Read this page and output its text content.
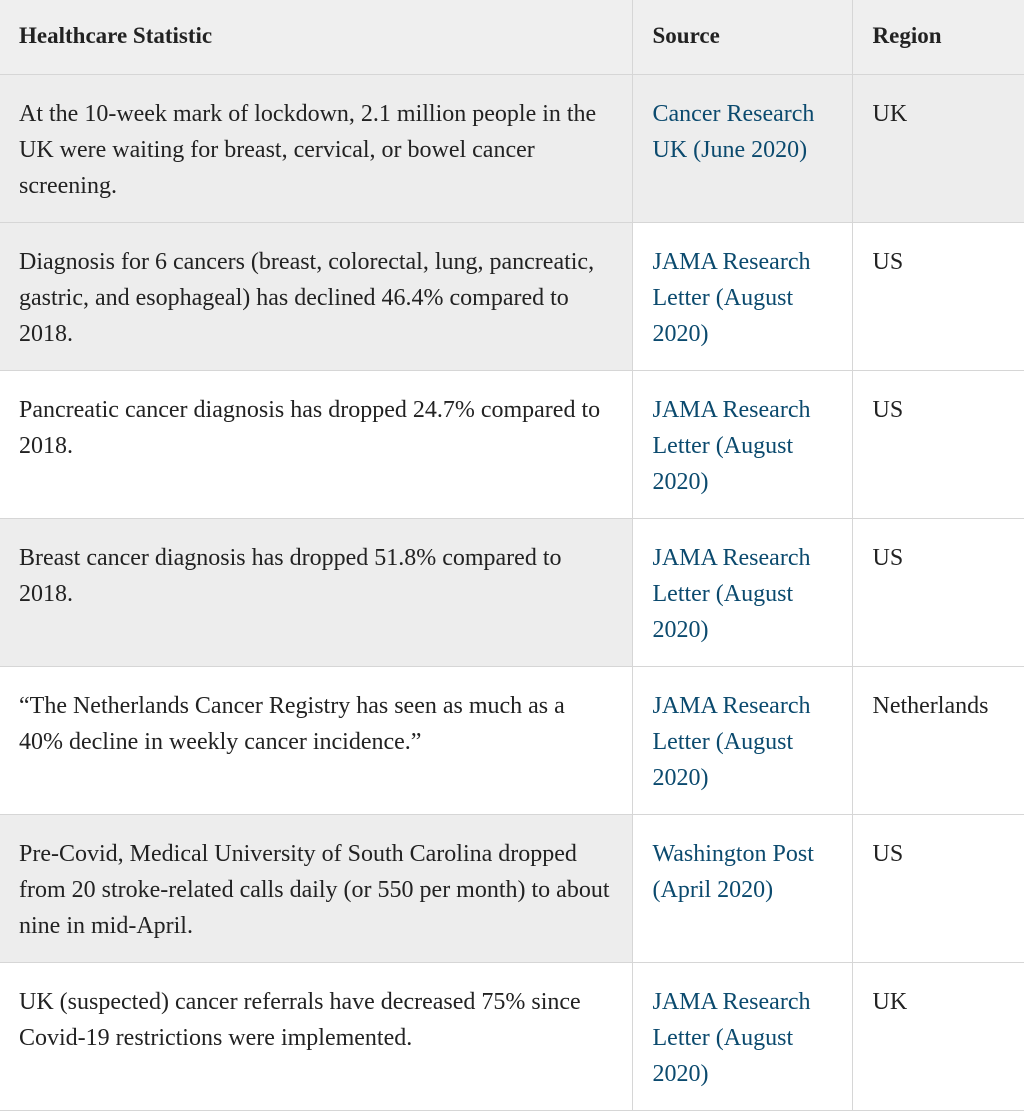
Healthcare Statistic	Source	Region
At the 10-week mark of lockdown, 2.1 million people in the UK were waiting for breast, cervical, or bowel cancer screening.	Cancer Research UK (June 2020)	UK
Diagnosis for 6 cancers (breast, colorectal, lung, pancreatic, gastric, and esophageal) has declined 46.4% compared to 2018.	JAMA Research Letter (August 2020)	US
Pancreatic cancer diagnosis has dropped 24.7% compared to 2018.	JAMA Research Letter (August 2020)	US
Breast cancer diagnosis has dropped 51.8% compared to 2018.	JAMA Research Letter (August 2020)	US
“The Netherlands Cancer Registry has seen as much as a 40% decline in weekly cancer incidence.”	JAMA Research Letter (August 2020)	Netherlands
Pre-Covid, Medical University of South Carolina dropped from 20 stroke-related calls daily (or 550 per month) to about nine in mid-April.	Washington Post (April 2020)	US
UK (suspected) cancer referrals have decreased 75% since Covid-19 restrictions were implemented.	JAMA Research Letter (August 2020)	UK
